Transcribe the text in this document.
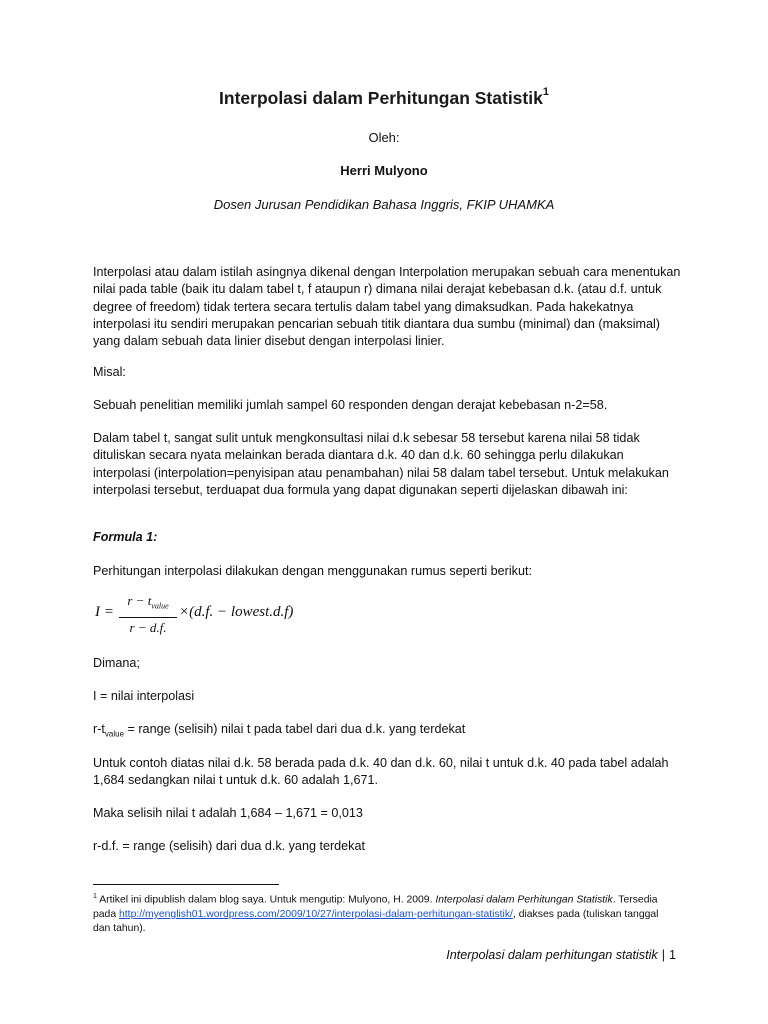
Interpolasi dalam Perhitungan Statistik$^1$
Oleh:
Herri Mulyono
Dosen Jurusan Pendidikan Bahasa Inggris, FKIP UHAMKA
Interpolasi atau dalam istilah asingnya dikenal dengan Interpolation merupakan sebuah cara menentukan nilai pada table (baik itu dalam tabel t, f ataupun r) dimana nilai derajat kebebasan d.k. (atau d.f. untuk degree of freedom) tidak tertera secara tertulis dalam tabel yang dimaksudkan. Pada hakekatnya interpolasi itu sendiri merupakan pencarian sebuah titik diantara dua sumbu (minimal) dan (maksimal) yang dalam sebuah data linier disebut dengan interpolasi linier.
Misal:
Sebuah penelitian memiliki jumlah sampel 60 responden dengan derajat kebebasan n-2=58.
Dalam tabel t, sangat sulit untuk mengkonsultasi nilai d.k sebesar 58 tersebut karena nilai 58 tidak dituliskan secara nyata melainkan berada diantara d.k. 40 dan d.k. 60 sehingga perlu dilakukan interpolasi (interpolation=penyisipan atau penambahan) nilai 58 dalam tabel tersebut. Untuk melakukan interpolasi tersebut, terduapat dua formula yang dapat digunakan seperti dijelaskan dibawah ini:
Formula 1:
Perhitungan interpolasi dilakukan dengan menggunakan rumus seperti berikut:
I =
$r - t_{value}$
r − d.f.
×(d.f. − lowest.d.f)
Dimana;
I = nilai interpolasi
$r-t_{value}$ = range (selisih) nilai t pada tabel dari dua d.k. yang terdekat
Untuk contoh diatas nilai d.k. 58 berada pada d.k. 40 dan d.k. 60, nilai t untuk d.k. 40 pada tabel adalah 1,684 sedangkan nilai t untuk d.k. 60 adalah 1,671.
Maka selisih nilai t adalah 1,684 – 1,671 = 0,013
r-d.f. = range (selisih) dari dua d.k. yang terdekat
$^1$ Artikel ini dipublish dalam blog saya. Untuk mengutip: Mulyono, H. 2009. Interpolasi dalam Perhitungan Statistik. Tersedia pada http://myenglish01.wordpress.com/2009/10/27/interpolasi-dalam-perhitungan-statistik/, diakses pada (tuliskan tanggal dan tahun).
Interpolasi dalam perhitungan statistik | 1
